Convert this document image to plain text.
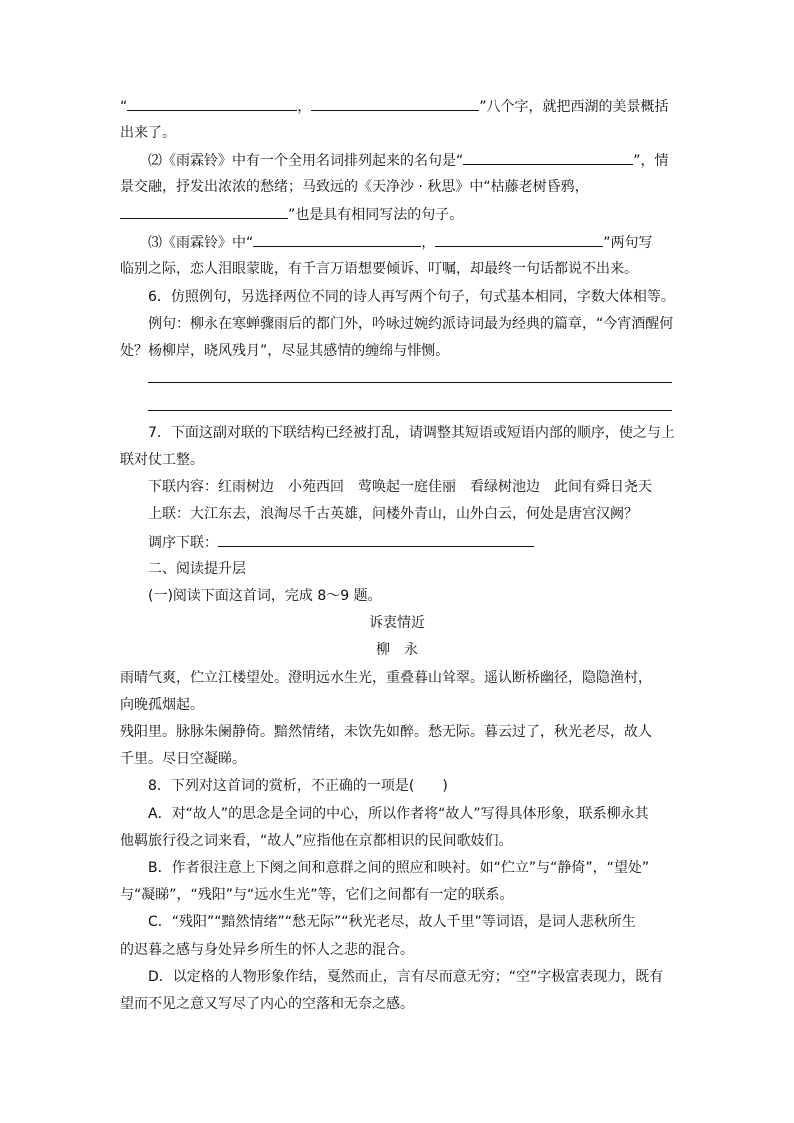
“	，	”八个字，就把西湖的美景概括
出来了。
⑵《雨霖铃》中有一个全用名词排列起来的名句是“	”，情
景交融，抒发出浓浓的愁绪；马致远的《天净沙 · 秋思》中“枯藤老树昏鸦，
”也是具有相同写法的句子。
⑶《雨霖铃》中“	，	”两句写
临别之际，恋人泪眼蒙眬，有千言万语想要倾诉、叮嘱，却最终一句话都说不出来。
6．仿照例句，另选择两位不同的诗人再写两个句子，句式基本相同，字数大体相等。
例句：柳永在寒蝉骤雨后的都门外，吟咏过婉约派诗词最为经典的篇章，“今宵酒醒何
处？杨柳岸，晓风残月”，尽显其感情的缠绵与悱恻。
7．下面这副对联的下联结构已经被打乱，请调整其短语或短语内部的顺序，使之与上
联对仗工整。
下联内容：红雨树边　小苑西回　莺唤起一庭佳丽　看绿树池边　此间有舜日尧天
上联：大江东去，浪淘尽千古英雄，问楼外青山，山外白云，何处是唐宫汉阙？
调序下联：
二、阅读提升层
(一)阅读下面这首词，完成 8～9 题。
诉衷情近
柳　永
雨晴气爽，伫立江楼望处。澄明远水生光，重叠暮山耸翠。遥认断桥幽径，隐隐渔村，
向晚孤烟起。
残阳里。脉脉朱阑静倚。黯然情绪，未饮先如醉。愁无际。暮云过了，秋光老尽，故人
千里。尽日空凝睇。
8．下列对这首词的赏析，不正确的一项是(　　)
A．对“故人”的思念是全词的中心，所以作者将“故人”写得具体形象，联系柳永其
他羁旅行役之词来看，“故人”应指他在京都相识的民间歌妓们。
B．作者很注意上下阕之间和意群之间的照应和映衬。如“伫立”与“静倚”，“望处”
与“凝睇”，“残阳”与“远水生光”等，它们之间都有一定的联系。
C．“残阳”“黯然情绪”“愁无际”“秋光老尽，故人千里”等词语，是词人悲秋所生
的迟暮之感与身处异乡所生的怀人之悲的混合。
D．以定格的人物形象作结，戛然而止，言有尽而意无穷；“空”字极富表现力，既有
望而不见之意又写尽了内心的空落和无奈之感。
